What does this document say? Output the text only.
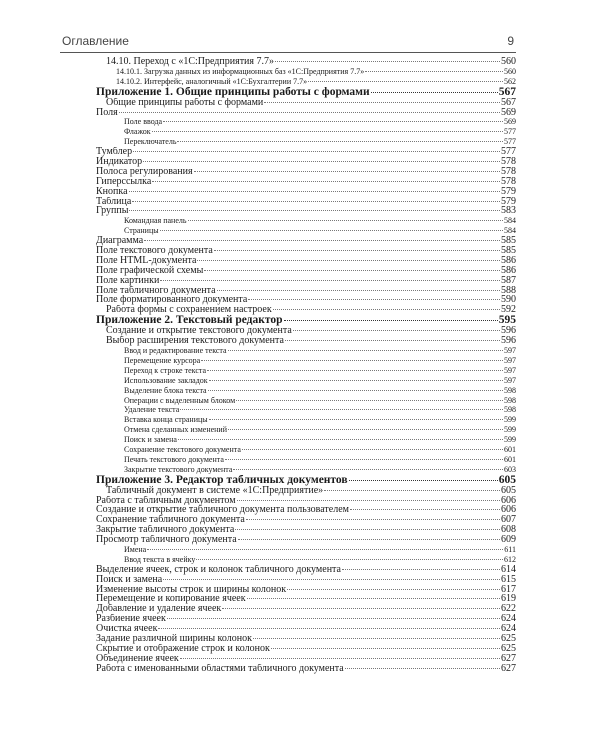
Оглавление	9
14.10. Переход с «1С:Предприятия 7.7»	560
14.10.1. Загрузка данных из информационных баз «1С:Предприятия 7.7»	560
14.10.2. Интерфейс, аналогичный «1С:Бухгалтерии 7.7»	562
Приложение 1. Общие принципы работы с формами	567
Общие принципы работы с формами	567
Поля	569
Поле ввода	569
Флажок	577
Переключатель	577
Тумблер	577
Индикатор	578
Полоса регулирования	578
Гиперссылка	578
Кнопка	579
Таблица	579
Группы	583
Командная панель	584
Страницы	584
Диаграмма	585
Поле текстового документа	585
Поле HTML-документа	586
Поле графической схемы	586
Поле картинки	587
Поле табличного документа	588
Поле форматированного документа	590
Работа формы с сохранением настроек	592
Приложение 2. Текстовый редактор	595
Создание и открытие текстового документа	596
Выбор расширения текстового документа	596
Ввод и редактирование текста	597
Перемещение курсора	597
Переход к строке текста	597
Использование закладок	597
Выделение блока текста	598
Операции с выделенным блоком	598
Удаление текста	598
Вставка конца страницы	599
Отмена сделанных изменений	599
Поиск и замена	599
Сохранение текстового документа	601
Печать текстового документа	601
Закрытие текстового документа	603
Приложение 3. Редактор табличных документов	605
Табличный документ в системе «1С:Предприятие»	605
Работа с табличным документом	606
Создание и открытие табличного документа пользователем	606
Сохранение табличного документа	607
Закрытие табличного документа	608
Просмотр табличного документа	609
Имена	611
Ввод текста в ячейку	612
Выделение ячеек, строк и колонок табличного документа	614
Поиск и замена	615
Изменение высоты строк и ширины колонок	617
Перемещение и копирование ячеек	619
Добавление и удаление ячеек	622
Разбиение ячеек	624
Очистка ячеек	624
Задание различной ширины колонок	625
Скрытие и отображение строк и колонок	625
Объединение ячеек	627
Работа с именованными областями табличного документа	627
